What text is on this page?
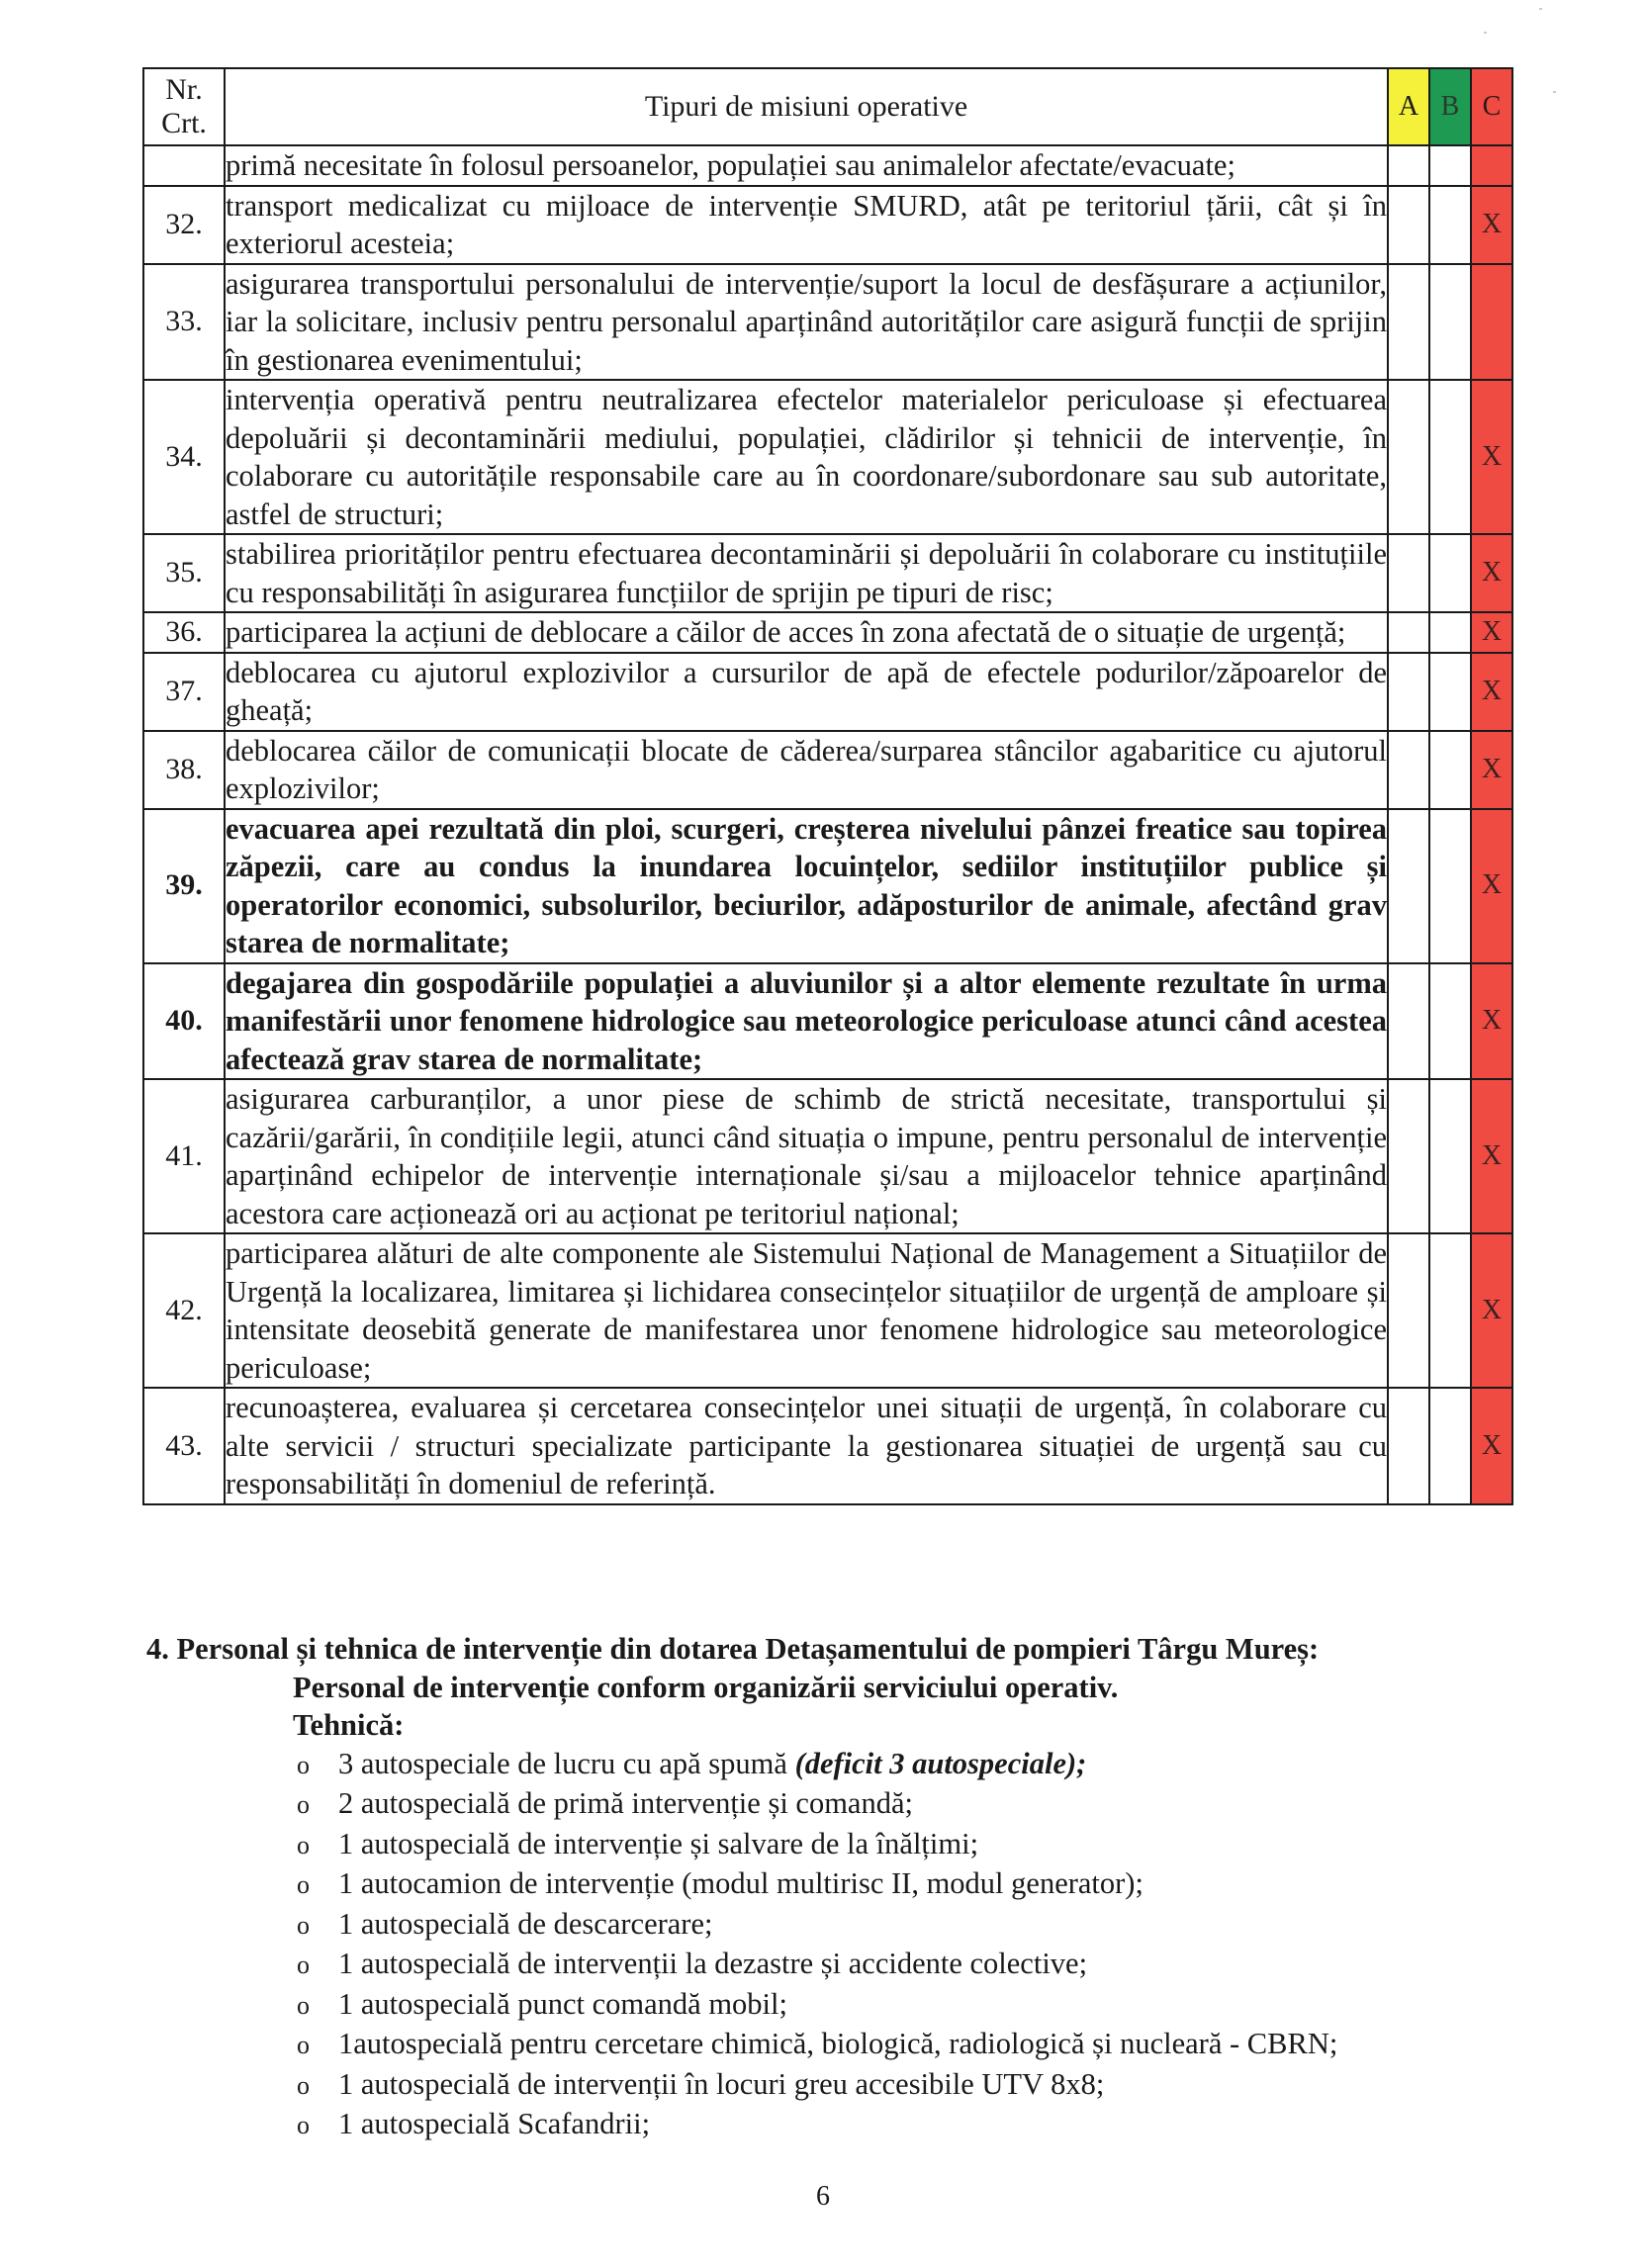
Nr.
Crt.	Tipuri de misiuni operative	A	B	C
	primă necesitate în folosul persoanelor, populației sau animalelor afectate/evacuate;			
32.	transport medicalizat cu mijloace de intervenție SMURD, atât pe teritoriul țării, cât și în exteriorul acesteia;			X
33.	asigurarea transportului personalului de intervenție/suport la locul de desfășurare a acțiunilor, iar la solicitare, inclusiv pentru personalul aparținând autorităților care asigură funcții de sprijin în gestionarea evenimentului;			
34.	intervenția operativă pentru neutralizarea efectelor materialelor periculoase și efectuarea depoluării și decontaminării mediului, populației, clădirilor și tehnicii de intervenție, în colaborare cu autoritățile responsabile care au în coordonare/subordonare sau sub autoritate, astfel de structuri;			X
35.	stabilirea priorităților pentru efectuarea decontaminării și depoluării în colaborare cu instituțiile cu responsabilități în asigurarea funcțiilor de sprijin pe tipuri de risc;			X
36.	participarea la acțiuni de deblocare a căilor de acces în zona afectată de o situație de urgență;			X
37.	deblocarea cu ajutorul explozivilor a cursurilor de apă de efectele podurilor/zăpoarelor de gheață;			X
38.	deblocarea căilor de comunicații blocate de căderea/surparea stâncilor agabaritice cu ajutorul explozivilor;			X
39.	evacuarea apei rezultată din ploi, scurgeri, creșterea nivelului pânzei freatice sau topirea zăpezii, care au condus la inundarea locuințelor, sediilor instituțiilor publice și operatorilor economici, subsolurilor, beciurilor, adăposturilor de animale, afectând grav starea de normalitate;			X
40.	degajarea din gospodăriile populației a aluviunilor și a altor elemente rezultate în urma manifestării unor fenomene hidrologice sau meteorologice periculoase atunci când acestea afectează grav starea de normalitate;			X
41.	asigurarea carburanților, a unor piese de schimb de strictă necesitate, transportului și cazării/garării, în condițiile legii, atunci când situația o impune, pentru personalul de intervenție aparținând echipelor de intervenție internaționale și/sau a mijloacelor tehnice aparținând acestora care acționează ori au acționat pe teritoriul național;			X
42.	participarea alături de alte componente ale Sistemului Național de Management a Situațiilor de Urgență la localizarea, limitarea și lichidarea consecințelor situațiilor de urgență de amploare și intensitate deosebită generate de manifestarea unor fenomene hidrologice sau meteorologice periculoase;			X
43.	recunoașterea, evaluarea și cercetarea consecințelor unei situații de urgență, în colaborare cu alte servicii / structuri specializate participante la gestionarea situației de urgență sau cu responsabilități în domeniul de referință.			X
4. Personal și tehnica de intervenție din dotarea Detașamentului de pompieri Târgu Mureș:
Personal de intervenție conform organizării serviciului operativ.
Tehnică:
o 3 autospeciale de lucru cu apă spumă (deficit 3 autospeciale);
o 2 autospecială de primă intervenție și comandă;
o 1 autospecială de intervenție și salvare de la înălțimi;
o 1 autocamion de intervenție (modul multirisc II, modul generator);
o 1 autospecială de descarcerare;
o 1 autospecială de intervenții la dezastre și accidente colective;
o 1 autospecială punct comandă mobil;
o 1autospecială pentru cercetare chimică, biologică, radiologică și nucleară - CBRN;
o 1 autospecială de intervenții în locuri greu accesibile UTV 8x8;
o 1 autospecială Scafandrii;
6
